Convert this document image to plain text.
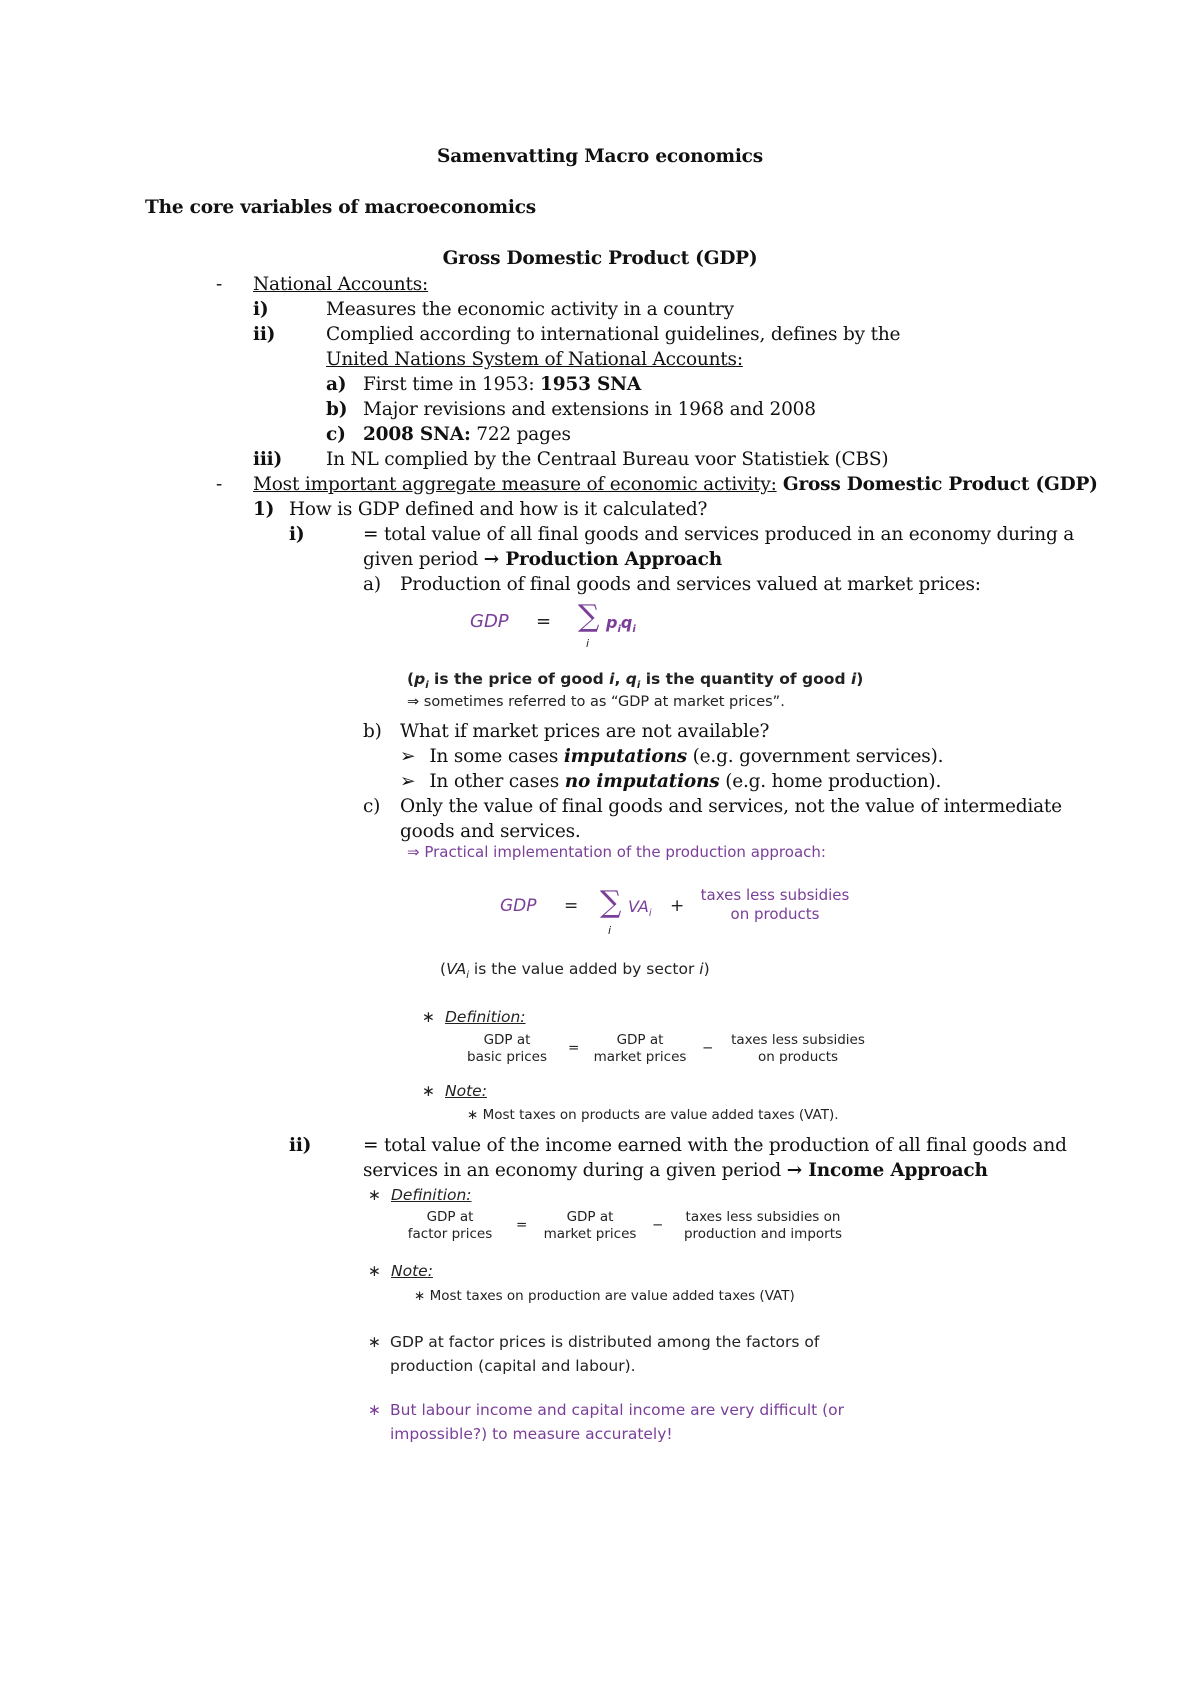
Samenvatting Macro economics
The core variables of macroeconomics
Gross Domestic Product (GDP)
- National Accounts:
i)	Measures the economic activity in a country
ii)	Complied according to international guidelines, defines by the
United Nations System of National Accounts:
a) First time in 1953: 1953 SNA
b) Major revisions and extensions in 1968 and 2008
c) 2008 SNA: 722 pages
iii) In NL complied by the Centraal Bureau voor Statistiek (CBS)
- Most important aggregate measure of economic activity: Gross Domestic Product (GDP)
1) How is GDP defined and how is it calculated?
i)	= total value of all final goods and services produced in an economy during a
given period → Production Approach
a) Production of final goods and services valued at market prices:
GDP = ∑
i
$p_iq_i$
($p_i$ is the price of good i, $q_i$ is the quantity of good i)
⇒ sometimes referred to as “GDP at market prices”.
b) What if market prices are not available?
➢ In some cases imputations (e.g. government services).
➢ In other cases no imputations (e.g. home production).
c) Only the value of final goods and services, not the value of intermediate
goods and services.
⇒ Practical implementation of the production approach:
GDP = ∑
i
$VA_i$ +
taxes less subsidies
on products
($VA_i$ is the value added by sector i)
∗ Definition:
GDP at
basic prices
=	GDP at
market prices
−	taxes less subsidies
on products
∗ Note:
∗ Most taxes on products are value added taxes (VAT).
ii)	= total value of the income earned with the production of all final goods and
services in an economy during a given period → Income Approach
∗ Definition:
GDP at
factor prices
=	GDP at
market prices
−	taxes less subsidies on
production and imports
∗ Note:
∗ Most taxes on production are value added taxes (VAT)
∗ GDP at factor prices is distributed among the factors of
production (capital and labour).
∗ But labour income and capital income are very difficult (or
impossible?) to measure accurately!
